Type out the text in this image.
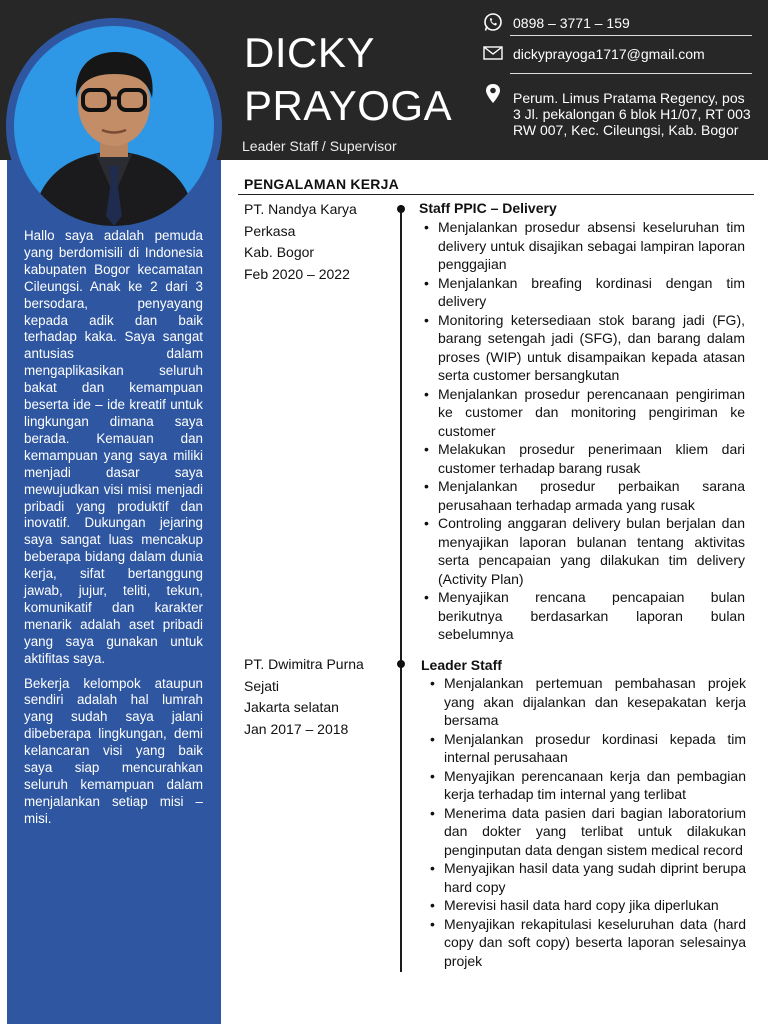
DICKY
PRAYOGA
Leader Staff / Supervisor
0898 – 3771 – 159
dickyprayoga1717@gmail.com
Perum. Limus Pratama Regency, pos
3 Jl. pekalongan 6 blok H1/07, RT 003
RW 007, Kec. Cileungsi, Kab. Bogor

Hallo saya adalah pemuda yang berdomisili di Indonesia kabupaten Bogor kecamatan Cileungsi. Anak ke 2 dari 3 bersodara, penyayang kepada adik dan baik terhadap kaka. Saya sangat antusias dalam mengaplikasikan seluruh bakat dan kemampuan beserta ide – ide kreatif untuk lingkungan dimana saya berada. Kemauan dan kemampuan yang saya miliki menjadi dasar saya mewujudkan visi misi menjadi pribadi yang produktif dan inovatif. Dukungan jejaring saya sangat luas mencakup beberapa bidang dalam dunia kerja, sifat bertanggung jawab, jujur, teliti, tekun, komunikatif dan karakter menarik adalah aset pribadi yang saya gunakan untuk aktifitas saya.

Bekerja kelompok ataupun sendiri adalah hal lumrah yang sudah saya jalani dibeberapa lingkungan, demi kelancaran visi yang baik saya siap mencurahkan seluruh kemampuan dalam menjalankan setiap misi – misi.

PENGALAMAN KERJA
PT. Nandya Karya
Perkasa
Kab. Bogor
Feb 2020 – 2022
Staff PPIC – Delivery
• Menjalankan prosedur absensi keseluruhan tim delivery untuk disajikan sebagai lampiran laporan penggajian
• Menjalankan breafing kordinasi dengan tim delivery
• Monitoring ketersediaan stok barang jadi (FG), barang setengah jadi (SFG), dan barang dalam proses (WIP) untuk disampaikan kepada atasan serta customer bersangkutan
• Menjalankan prosedur perencanaan pengiriman ke customer dan monitoring pengiriman ke customer
• Melakukan prosedur penerimaan kliem dari customer terhadap barang rusak
• Menjalankan prosedur perbaikan sarana perusahaan terhadap armada yang rusak
• Controling anggaran delivery bulan berjalan dan menyajikan laporan bulanan tentang aktivitas serta pencapaian yang dilakukan tim delivery (Activity Plan)
• Menyajikan rencana pencapaian bulan berikutnya berdasarkan laporan bulan sebelumnya
PT. Dwimitra Purna
Sejati
Jakarta selatan
Jan 2017 – 2018
Leader Staff
• Menjalankan pertemuan pembahasan projek yang akan dijalankan dan kesepakatan kerja bersama
• Menjalankan prosedur kordinasi kepada tim internal perusahaan
• Menyajikan perencanaan kerja dan pembagian kerja terhadap tim internal yang terlibat
• Menerima data pasien dari bagian laboratorium dan dokter yang terlibat untuk dilakukan penginputan data dengan sistem medical record
• Menyajikan hasil data yang sudah diprint berupa hard copy
• Merevisi hasil data hard copy jika diperlukan
• Menyajikan rekapitulasi keseluruhan data (hard copy dan soft copy) beserta laporan selesainya projek
